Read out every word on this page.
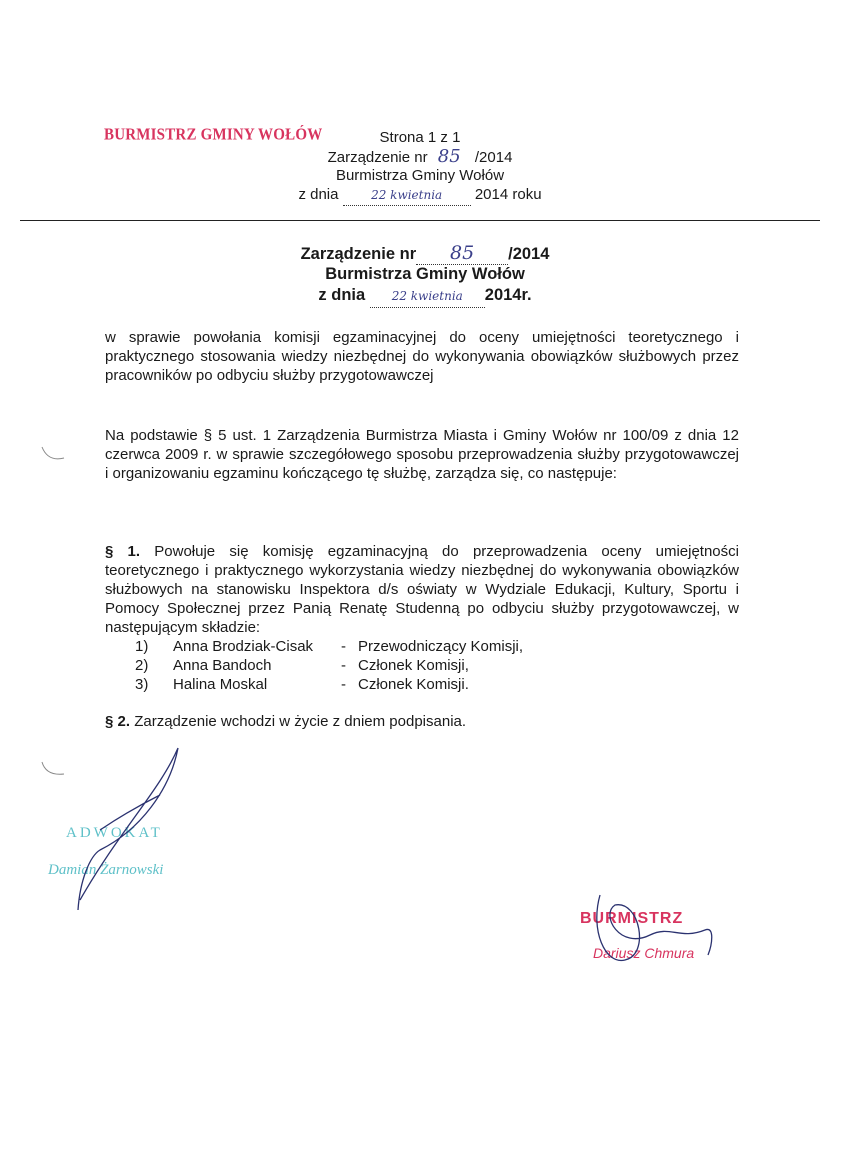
BURMISTRZ GMINY WOŁÓW	Strona 1 z 1
Zarządzenie nr 85 /2014
Burmistrza Gminy Wołów
z dnia	22 kwietnia 2014 roku
Zarządzenie nr 85 /2014
Burmistrza Gminy Wołów
z dnia 22 kwietnia 2014r.
w sprawie powołania komisji egzaminacyjnej do oceny umiejętności teoretycznego i praktycznego stosowania wiedzy niezbędnej do wykonywania obowiązków służbowych przez pracowników po odbyciu służby przygotowawczej
Na podstawie § 5 ust. 1 Zarządzenia Burmistrza Miasta i Gminy Wołów nr 100/09 z dnia 12 czerwca 2009 r. w sprawie szczegółowego sposobu przeprowadzenia służby przygotowawczej i organizowaniu egzaminu kończącego tę służbę, zarządza się, co następuje:
§ 1. Powołuje się komisję egzaminacyjną do przeprowadzenia oceny umiejętności teoretycznego i praktycznego wykorzystania wiedzy niezbędnej do wykonywania obowiązków służbowych na stanowisku Inspektora d/s oświaty w Wydziale Edukacji, Kultury, Sportu i Pomocy Społecznej przez Panią Renatę Studenną po odbyciu służby przygotowawczej, w następującym składzie:
1) Anna Brodziak-Cisak - Przewodniczący Komisji,
2) Anna Bandoch	- Członek Komisji,
3) Halina Moskal	- Członek Komisji.
§ 2. Zarządzenie wchodzi w życie z dniem podpisania.
ADWOKAT
Damian Żarnowski
BURMISTRZ
Dariusz Chmura
